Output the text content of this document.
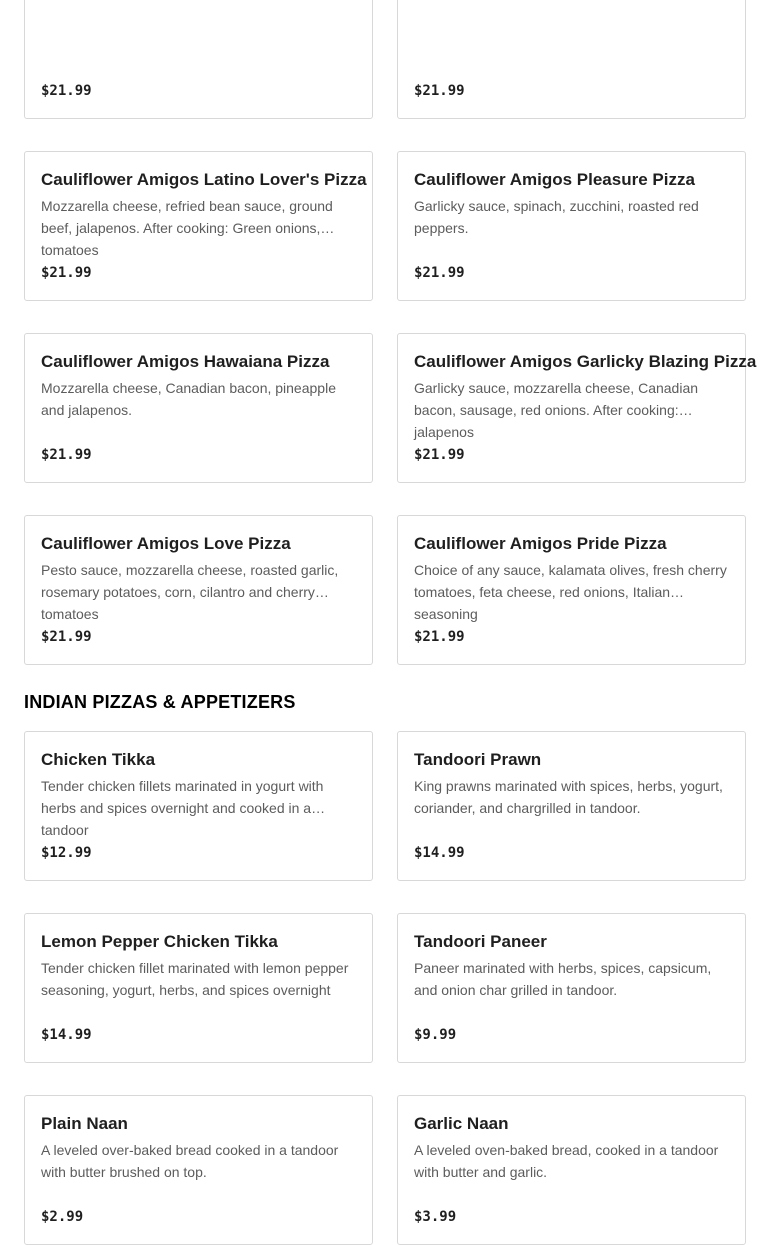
$21.99	$21.99
Cauliflower Amigos Latino Lover's Pizza

Mozzarella cheese, refried bean sauce, ground beef, jalapenos. After cooking: Green onions, tomatoes

$21.99
Cauliflower Amigos Pleasure Pizza

Garlicky sauce, spinach, zucchini, roasted red peppers.

$21.99
Cauliflower Amigos Hawaiana Pizza

Mozzarella cheese, Canadian bacon, pineapple and jalapenos.

$21.99
Cauliflower Amigos Garlicky Blazing Pizza

Garlicky sauce, mozzarella cheese, Canadian bacon, sausage, red onions. After cooking: jalapenos

$21.99
Cauliflower Amigos Love Pizza

Pesto sauce, mozzarella cheese, roasted garlic, rosemary potatoes, corn, cilantro and cherry tomatoes

$21.99
Cauliflower Amigos Pride Pizza

Choice of any sauce, kalamata olives, fresh cherry tomatoes, feta cheese, red onions, Italian seasoning

$21.99
INDIAN PIZZAS & APPETIZERS
Chicken Tikka

Tender chicken fillets marinated in yogurt with herbs and spices overnight and cooked in a tandoor

$12.99
Tandoori Prawn

King prawns marinated with spices, herbs, yogurt, coriander, and chargrilled in tandoor.

$14.99
Lemon Pepper Chicken Tikka

Tender chicken fillet marinated with lemon pepper seasoning, yogurt, herbs, and spices overnight

$14.99
Tandoori Paneer

Paneer marinated with herbs, spices, capsicum, and onion char grilled in tandoor.

$9.99
Plain Naan

A leveled over-baked bread cooked in a tandoor with butter brushed on top.

$2.99
Garlic Naan

A leveled oven-baked bread, cooked in a tandoor with butter and garlic.

$3.99
